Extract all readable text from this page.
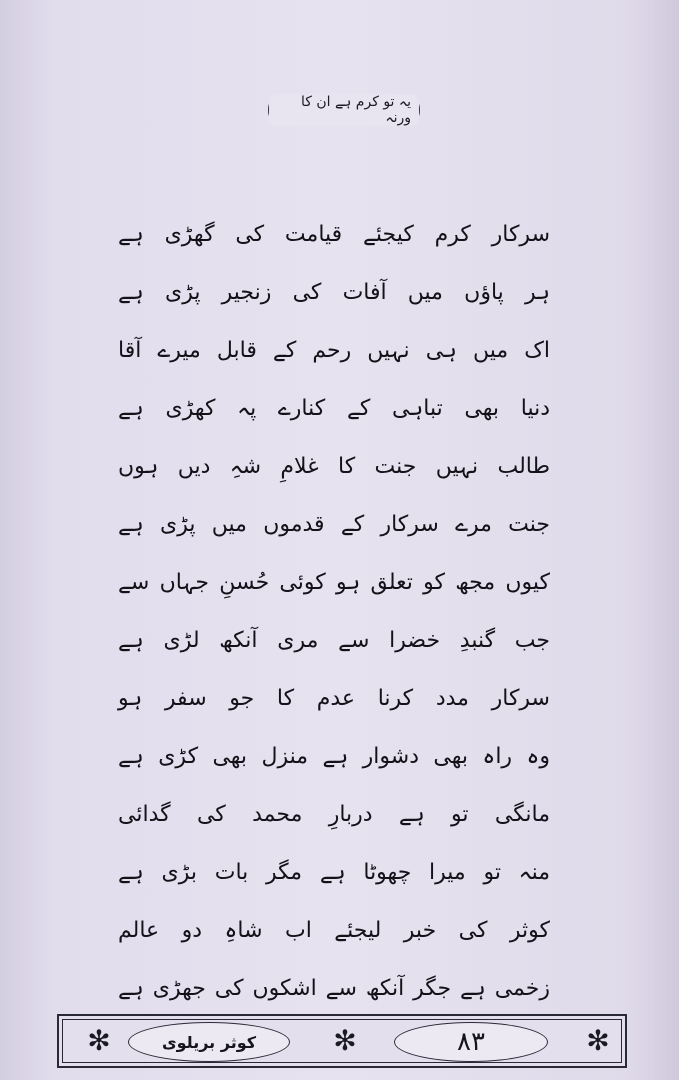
یہ تو کرم ہے ان کا ورنہ
سرکار کرم کیجئے قیامت کی گھڑی ہے
ہر پاؤں میں آفات کی زنجیر پڑی ہے
اک میں ہی نہیں رحم کے قابل میرے آقا
دنیا بھی تباہی کے کنارے پہ کھڑی ہے
طالب نہیں جنت کا غلامِ شہِ دیں ہوں
جنت مرے سرکار کے قدموں میں پڑی ہے
کیوں مجھ کو تعلق ہو کوئی حُسنِ جہاں سے
جب گنبدِ خضرا سے مری آنکھ لڑی ہے
سرکار مدد کرنا عدم کا جو سفر ہو
وہ راہ بھی دشوار ہے منزل بھی کڑی ہے
مانگی تو ہے دربارِ محمد کی گدائی
منہ تو میرا چھوٹا ہے مگر بات بڑی ہے
کوثر کی خبر لیجئے اب شاہِ دو عالم
زخمی ہے جگر آنکھ سے اشکوں کی جھڑی ہے
✻	✻	✻
کوثر بریلوی	۸۳
